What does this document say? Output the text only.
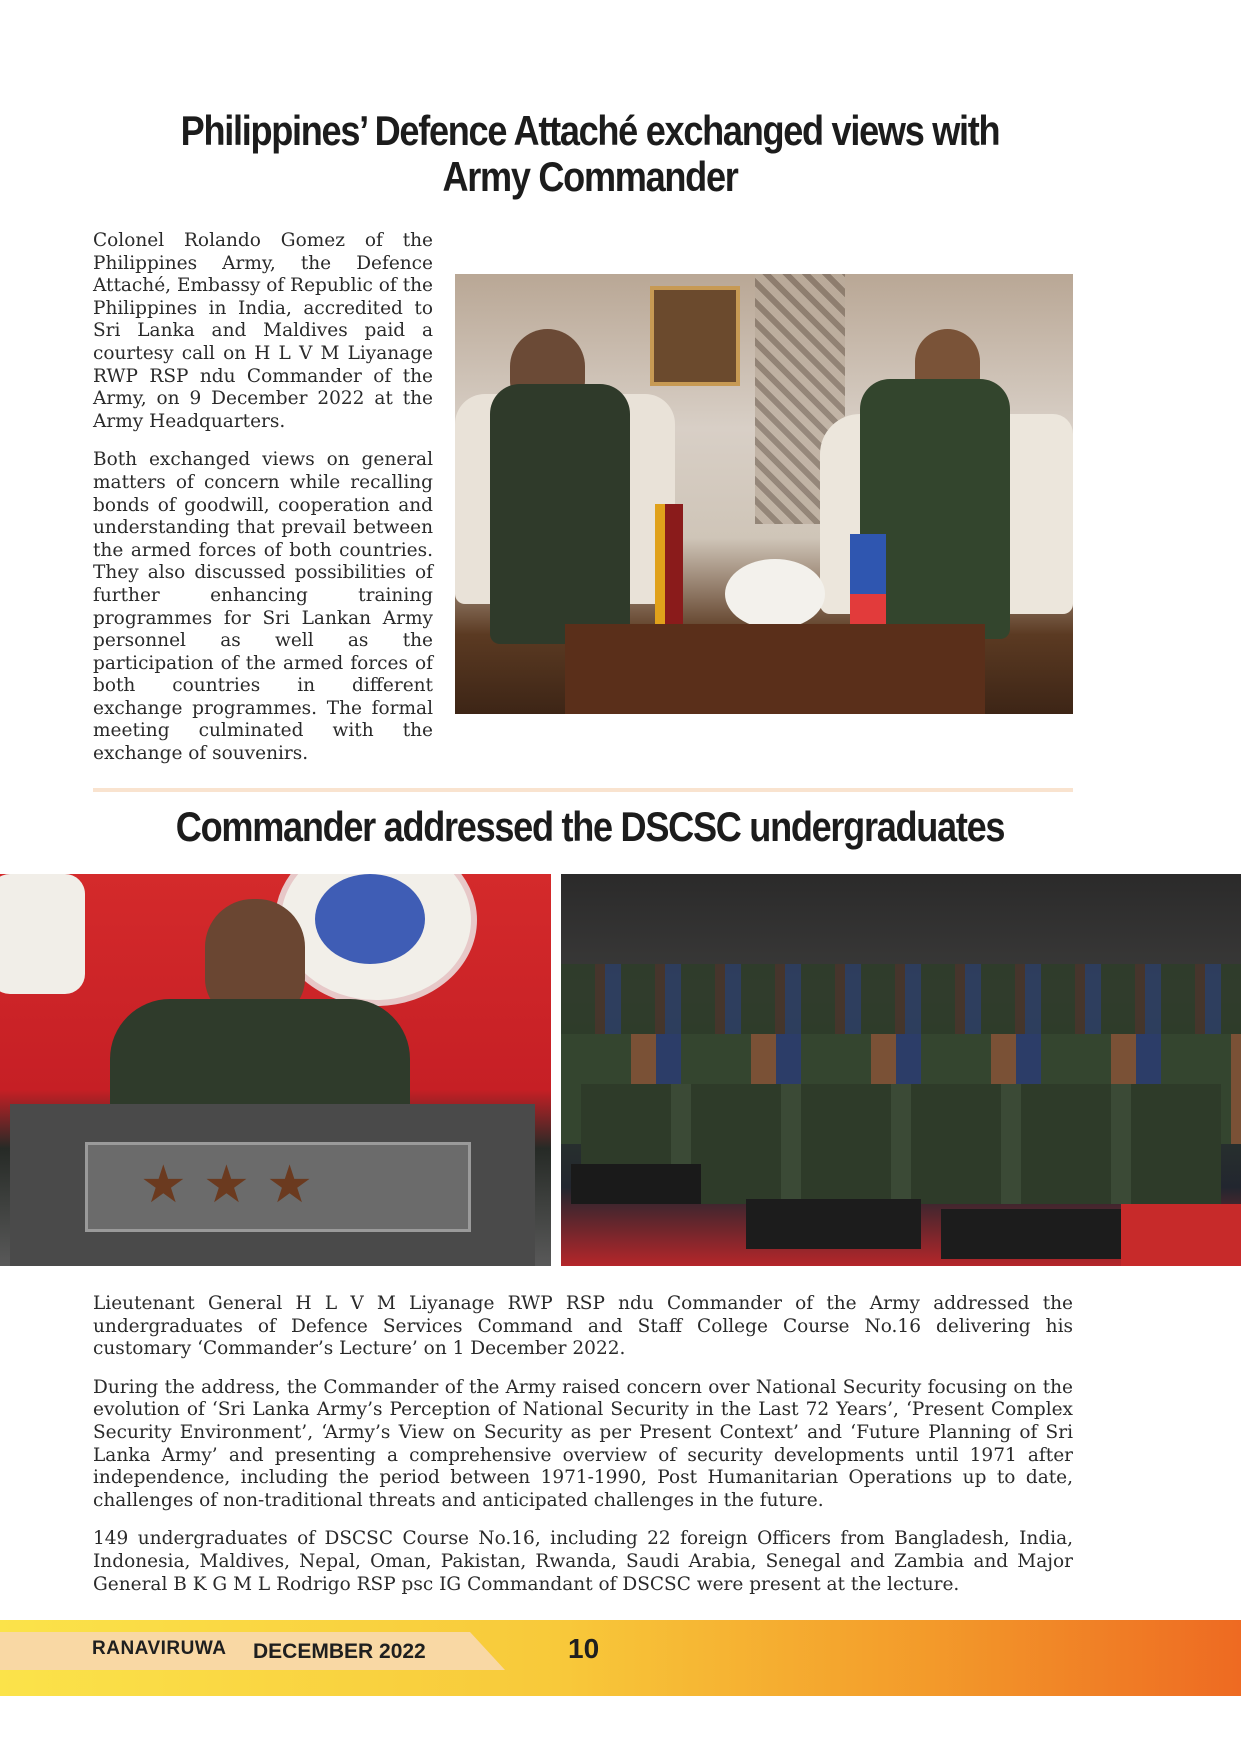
Philippines’ Defence Attaché exchanged views with Army Commander

Colonel Rolando Gomez of the Philippines Army, the Defence Attaché, Embassy of Republic of the Philippines in India, accredited to Sri Lanka and Maldives paid a courtesy call on H L V M Liyanage RWP RSP ndu Commander of the Army, on 9 December 2022 at the Army Headquarters.

Both exchanged views on general matters of concern while recalling bonds of goodwill, cooperation and understanding that prevail between the armed forces of both countries. They also discussed possibilities of further enhancing training programmes for Sri Lankan Army personnel as well as the participation of the armed forces of both countries in different exchange programmes. The formal meeting culminated with the exchange of souvenirs.

Commander addressed the DSCSC undergraduates
★ ★ ★

Lieutenant General H L V M Liyanage RWP RSP ndu Commander of the Army addressed the undergraduates of Defence Services Command and Staff College Course No.16 delivering his customary ‘Commander’s Lecture’ on 1 December 2022.

During the address, the Commander of the Army raised concern over National Security focusing on the evolution of ‘Sri Lanka Army’s Perception of National Security in the Last 72 Years’, ‘Present Complex Security Environment’, ‘Army’s View on Security as per Present Context’ and ‘Future Planning of Sri Lanka Army’ and presenting a comprehensive overview of security developments until 1971 after independence, including the period between 1971-1990, Post Humanitarian Operations up to date, challenges of non-traditional threats and anticipated challenges in the future.

149 undergraduates of DSCSC Course No.16, including 22 foreign Officers from Bangladesh, India, Indonesia, Maldives, Nepal, Oman, Pakistan, Rwanda, Saudi Arabia, Senegal and Zambia and Major General B K G M L Rodrigo RSP psc IG Commandant of DSCSC were present at the lecture.

RANAVIRUWA DECEMBER 2022	10
